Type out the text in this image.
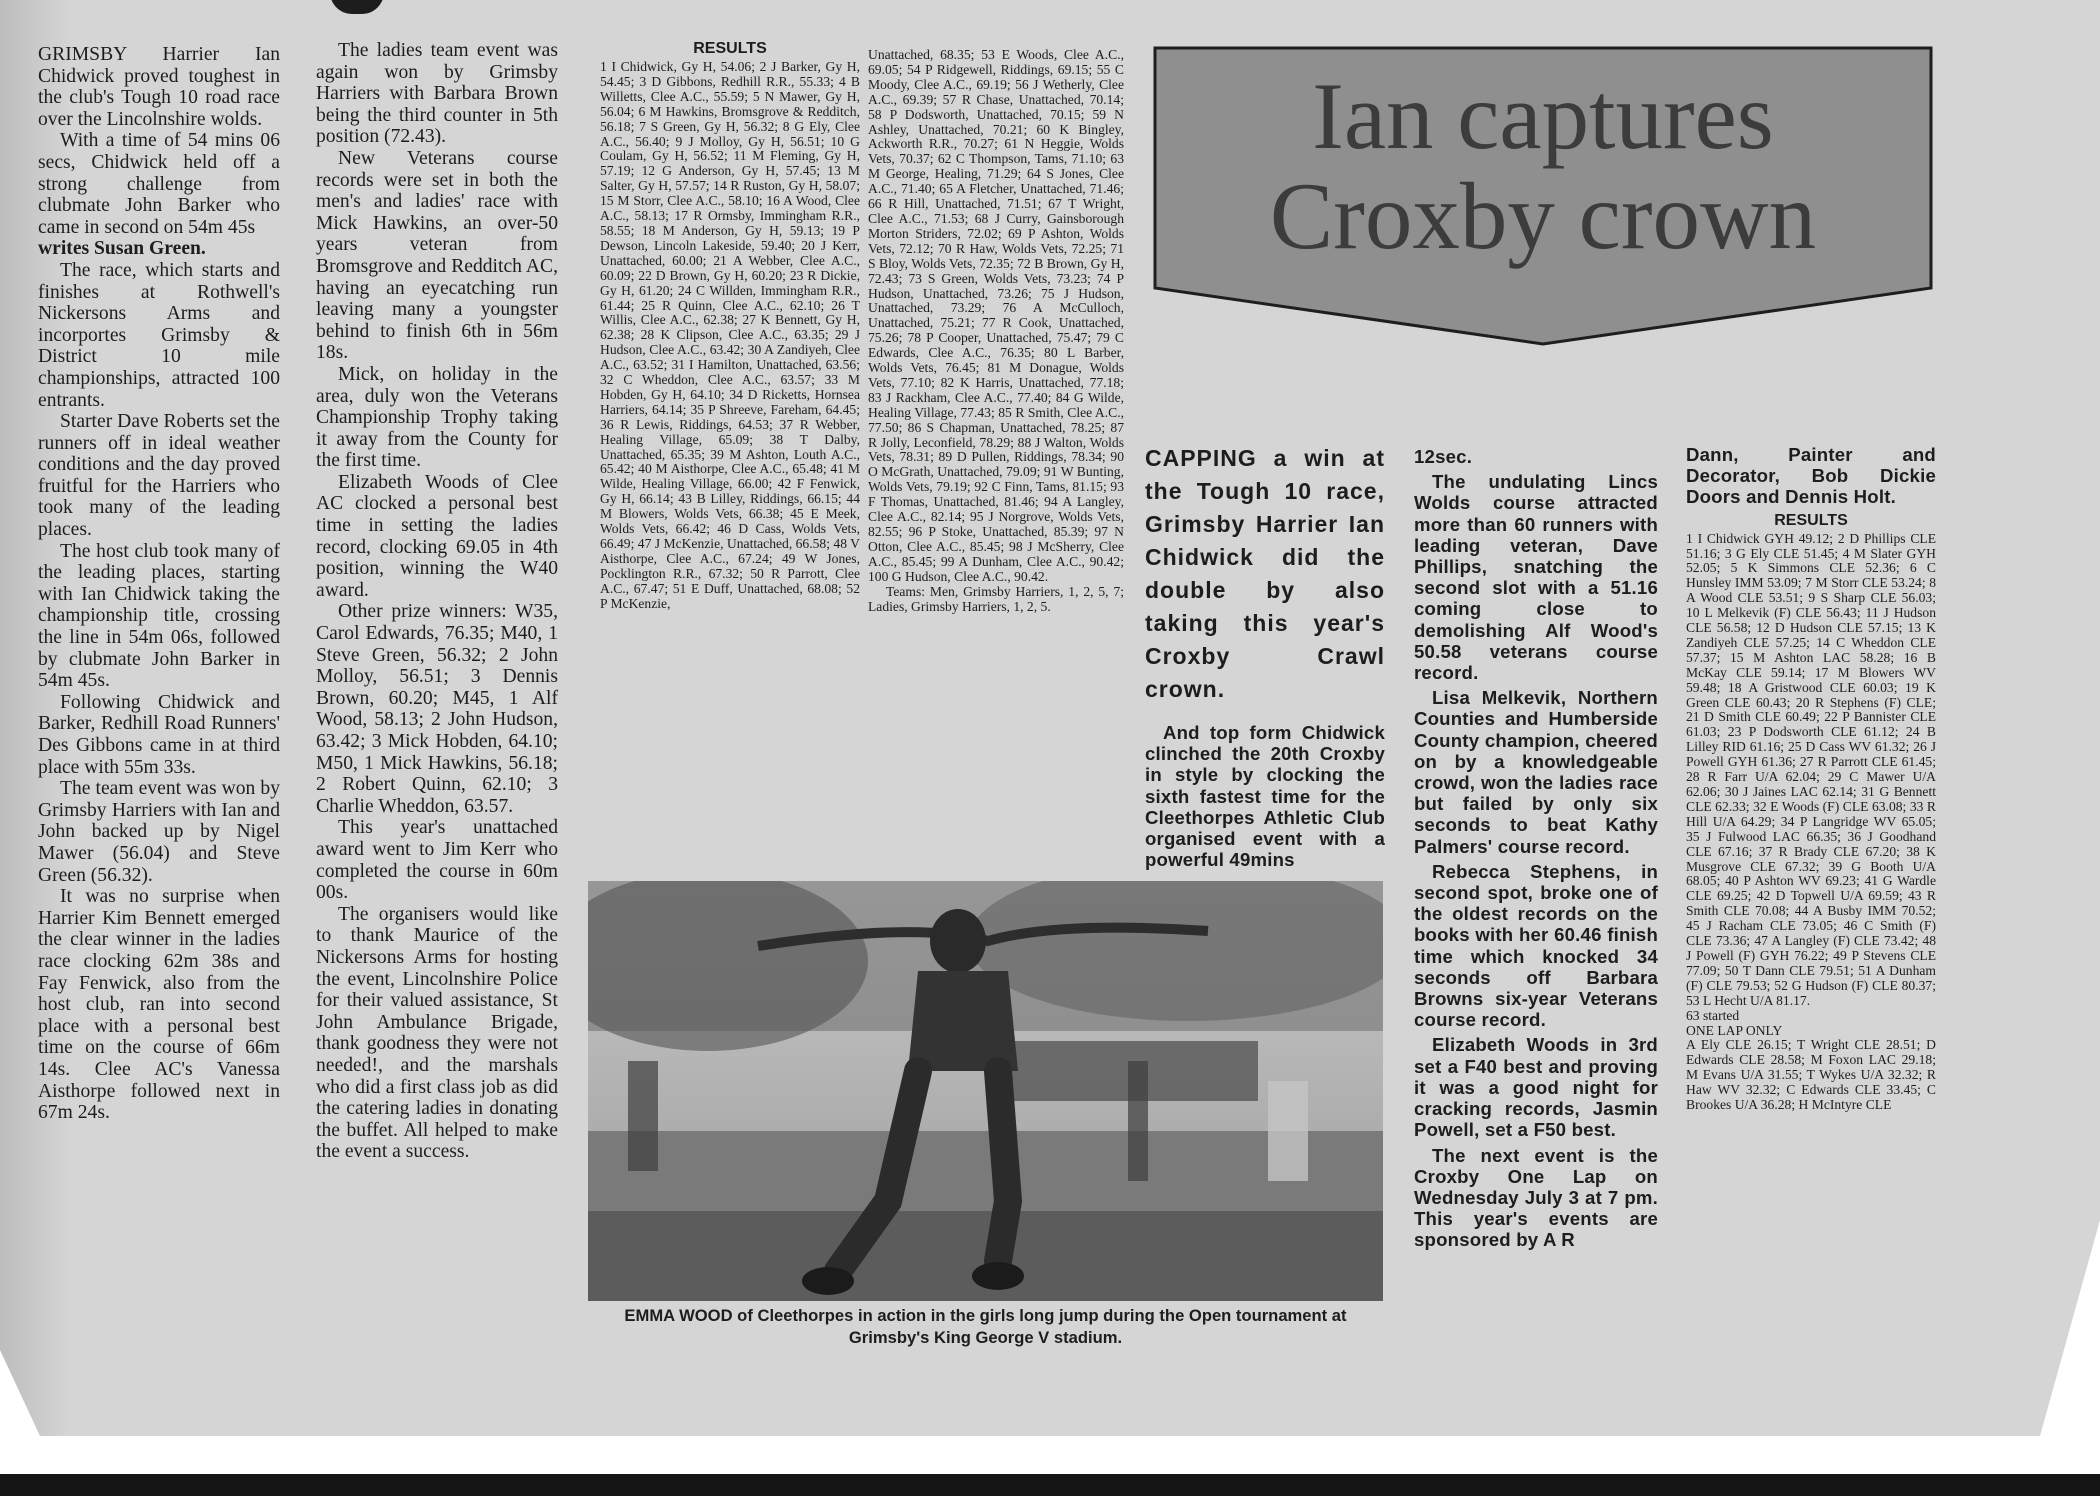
GRIMSBY Harrier Ian Chidwick proved toughest in the club's Tough 10 road race over the Lincolnshire wolds.

With a time of 54 mins 06 secs, Chidwick held off a strong challenge from clubmate John Barker who came in second on 54m 45s

writes Susan Green.

The race, which starts and finishes at Rothwell's Nickersons Arms and incorportes Grimsby & District 10 mile championships, attracted 100 entrants.

Starter Dave Roberts set the runners off in ideal weather conditions and the day proved fruitful for the Harriers who took many of the leading places.

The host club took many of the leading places, starting with Ian Chidwick taking the championship title, crossing the line in 54m 06s, followed by clubmate John Barker in 54m 45s.

Following Chidwick and Barker, Redhill Road Runners' Des Gibbons came in at third place with 55m 33s.

The team event was won by Grimsby Harriers with Ian and John backed up by Nigel Mawer (56.04) and Steve Green (56.32).

It was no surprise when Harrier Kim Bennett emerged the clear winner in the ladies race clocking 62m 38s and Fay Fenwick, also from the host club, ran into second place with a personal best time on the course of 66m 14s. Clee AC's Vanessa Aisthorpe followed next in 67m 24s.

The ladies team event was again won by Grimsby Harriers with Barbara Brown being the third counter in 5th position (72.43).

New Veterans course records were set in both the men's and ladies' race with Mick Hawkins, an over-50 years veteran from Bromsgrove and Redditch AC, having an eyecatching run leaving many a youngster behind to finish 6th in 56m 18s.

Mick, on holiday in the area, duly won the Veterans Championship Trophy taking it away from the County for the first time.

Elizabeth Woods of Clee AC clocked a personal best time in setting the ladies record, clocking 69.05 in 4th position, winning the W40 award.

Other prize winners: W35, Carol Edwards, 76.35; M40, 1 Steve Green, 56.32; 2 John Molloy, 56.51; 3 Dennis Brown, 60.20; M45, 1 Alf Wood, 58.13; 2 John Hudson, 63.42; 3 Mick Hobden, 64.10; M50, 1 Mick Hawkins, 56.18; 2 Robert Quinn, 62.10; 3 Charlie Wheddon, 63.57.

This year's unattached award went to Jim Kerr who completed the course in 60m 00s.

The organisers would like to thank Maurice of the Nickersons Arms for hosting the event, Lincolnshire Police for their valued assistance, St John Ambulance Brigade, thank goodness they were not needed!, and the marshals who did a first class job as did the catering ladies in donating the buffet. All helped to make the event a success.

RESULTS

1 I Chidwick, Gy H, 54.06; 2 J Barker, Gy H, 54.45; 3 D Gibbons, Redhill R.R., 55.33; 4 B Willetts, Clee A.C., 55.59; 5 N Mawer, Gy H, 56.04; 6 M Hawkins, Bromsgrove & Redditch, 56.18; 7 S Green, Gy H, 56.32; 8 G Ely, Clee A.C., 56.40; 9 J Molloy, Gy H, 56.51; 10 G Coulam, Gy H, 56.52; 11 M Fleming, Gy H, 57.19; 12 G Anderson, Gy H, 57.45; 13 M Salter, Gy H, 57.57; 14 R Ruston, Gy H, 58.07; 15 M Storr, Clee A.C., 58.10; 16 A Wood, Clee A.C., 58.13; 17 R Ormsby, Immingham R.R., 58.55; 18 M Anderson, Gy H, 59.13; 19 P Dewson, Lincoln Lakeside, 59.40; 20 J Kerr, Unattached, 60.00; 21 A Webber, Clee A.C., 60.09; 22 D Brown, Gy H, 60.20; 23 R Dickie, Gy H, 61.20; 24 C Willden, Immingham R.R., 61.44; 25 R Quinn, Clee A.C., 62.10; 26 T Willis, Clee A.C., 62.38; 27 K Bennett, Gy H, 62.38; 28 K Clipson, Clee A.C., 63.35; 29 J Hudson, Clee A.C., 63.42; 30 A Zandiyeh, Clee A.C., 63.52; 31 I Hamilton, Unattached, 63.56; 32 C Wheddon, Clee A.C., 63.57; 33 M Hobden, Gy H, 64.10; 34 D Ricketts, Hornsea Harriers, 64.14; 35 P Shreeve, Fareham, 64.45; 36 R Lewis, Riddings, 64.53; 37 R Webber, Healing Village, 65.09; 38 T Dalby, Unattached, 65.35; 39 M Ashton, Louth A.C., 65.42; 40 M Aisthorpe, Clee A.C., 65.48; 41 M Wilde, Healing Village, 66.00; 42 F Fenwick, Gy H, 66.14; 43 B Lilley, Riddings, 66.15; 44 M Blowers, Wolds Vets, 66.38; 45 E Meek, Wolds Vets, 66.42; 46 D Cass, Wolds Vets, 66.49; 47 J McKenzie, Unattached, 66.58; 48 V Aisthorpe, Clee A.C., 67.24; 49 W Jones, Pocklington R.R., 67.32; 50 R Parrott, Clee A.C., 67.47; 51 E Duff, Unattached, 68.08; 52 P McKenzie,

Unattached, 68.35; 53 E Woods, Clee A.C., 69.05; 54 P Ridgewell, Riddings, 69.15; 55 C Moody, Clee A.C., 69.19; 56 J Wetherly, Clee A.C., 69.39; 57 R Chase, Unattached, 70.14; 58 P Dodsworth, Unattached, 70.15; 59 N Ashley, Unattached, 70.21; 60 K Bingley, Ackworth R.R., 70.27; 61 N Heggie, Wolds Vets, 70.37; 62 C Thompson, Tams, 71.10; 63 M George, Healing, 71.29; 64 S Jones, Clee A.C., 71.40; 65 A Fletcher, Unattached, 71.46; 66 R Hill, Unattached, 71.51; 67 T Wright, Clee A.C., 71.53; 68 J Curry, Gainsborough Morton Striders, 72.02; 69 P Ashton, Wolds Vets, 72.12; 70 R Haw, Wolds Vets, 72.25; 71 S Bloy, Wolds Vets, 72.35; 72 B Brown, Gy H, 72.43; 73 S Green, Wolds Vets, 73.23; 74 P Hudson, Unattached, 73.26; 75 J Hudson, Unattached, 73.29; 76 A McCulloch, Unattached, 75.21; 77 R Cook, Unattached, 75.26; 78 P Cooper, Unattached, 75.47; 79 C Edwards, Clee A.C., 76.35; 80 L Barber, Wolds Vets, 76.45; 81 M Donague, Wolds Vets, 77.10; 82 K Harris, Unattached, 77.18; 83 J Rackham, Clee A.C., 77.40; 84 G Wilde, Healing Village, 77.43; 85 R Smith, Clee A.C., 77.50; 86 S Chapman, Unattached, 78.25; 87 R Jolly, Leconfield, 78.29; 88 J Walton, Wolds Vets, 78.31; 89 D Pullen, Riddings, 78.34; 90 O McGrath, Unattached, 79.09; 91 W Bunting, Wolds Vets, 79.19; 92 C Finn, Tams, 81.15; 93 F Thomas, Unattached, 81.46; 94 A Langley, Clee A.C., 82.14; 95 J Norgrove, Wolds Vets, 82.55; 96 P Stoke, Unattached, 85.39; 97 N Otton, Clee A.C., 85.45; 98 J McSherry, Clee A.C., 85.45; 99 A Dunham, Clee A.C., 90.42; 100 G Hudson, Clee A.C., 90.42.

Teams: Men, Grimsby Harriers, 1, 2, 5, 7; Ladies, Grimsby Harriers, 1, 2, 5.

Ian captures
Croxby crown
CAPPING a win at the Tough 10 race, Grimsby Harrier Ian Chidwick did the double by also taking this year's Croxby Crawl crown.

And top form Chidwick clinched the 20th Croxby in style by clocking the sixth fastest time for the Cleethorpes Athletic Club organised event with a powerful 49mins

12sec.

The undulating Lincs Wolds course attracted more than 60 runners with leading veteran, Dave Phillips, snatching the second slot with a 51.16 coming close to demolishing Alf Wood's 50.58 veterans course record.

Lisa Melkevik, Northern Counties and Humberside County champion, cheered on by a knowledgeable crowd, won the ladies race but failed by only six seconds to beat Kathy Palmers' course record.

Rebecca Stephens, in second spot, broke one of the oldest records on the books with her 60.46 finish time which knocked 34 seconds off Barbara Browns six-year Veterans course record.

Elizabeth Woods in 3rd set a F40 best and proving it was a good night for cracking records, Jasmin Powell, set a F50 best.

The next event is the Croxby One Lap on Wednesday July 3 at 7 pm. This year's events are sponsored by A R

Dann, Painter and Decorator, Bob Dickie Doors and Dennis Holt.

RESULTS

1 I Chidwick GYH 49.12; 2 D Phillips CLE 51.16; 3 G Ely CLE 51.45; 4 M Slater GYH 52.05; 5 K Simmons CLE 52.36; 6 C Hunsley IMM 53.09; 7 M Storr CLE 53.24; 8 A Wood CLE 53.51; 9 S Sharp CLE 56.03; 10 L Melkevik (F) CLE 56.43; 11 J Hudson CLE 56.58; 12 D Hudson CLE 57.15; 13 K Zandiyeh CLE 57.25; 14 C Wheddon CLE 57.37; 15 M Ashton LAC 58.28; 16 B McKay CLE 59.14; 17 M Blowers WV 59.48; 18 A Gristwood CLE 60.03; 19 K Green CLE 60.43; 20 R Stephens (F) CLE; 21 D Smith CLE 60.49; 22 P Bannister CLE 61.03; 23 P Dodsworth CLE 61.12; 24 B Lilley RID 61.16; 25 D Cass WV 61.32; 26 J Powell GYH 61.36; 27 R Parrott CLE 61.45; 28 R Farr U/A 62.04; 29 C Mawer U/A 62.06; 30 J Jaines LAC 62.14; 31 G Bennett CLE 62.33; 32 E Woods (F) CLE 63.08; 33 R Hill U/A 64.29; 34 P Langridge WV 65.05; 35 J Fulwood LAC 66.35; 36 J Goodhand CLE 67.16; 37 R Brady CLE 67.20; 38 K Musgrove CLE 67.32; 39 G Booth U/A 68.05; 40 P Ashton WV 69.23; 41 G Wardle CLE 69.25; 42 D Topwell U/A 69.59; 43 R Smith CLE 70.08; 44 A Busby IMM 70.52; 45 J Racham CLE 73.05; 46 C Smith (F) CLE 73.36; 47 A Langley (F) CLE 73.42; 48 J Powell (F) GYH 76.22; 49 P Stevens CLE 77.09; 50 T Dann CLE 79.51; 51 A Dunham (F) CLE 79.53; 52 G Hudson (F) CLE 80.37; 53 L Hecht U/A 81.17.

63 started

ONE LAP ONLY

A Ely CLE 26.15; T Wright CLE 28.51; D Edwards CLE 28.58; M Foxon LAC 29.18; M Evans U/A 31.55; T Wykes U/A 32.32; R Haw WV 32.32; C Edwards CLE 33.45; C Brookes U/A 36.28; H McIntyre CLE

EMMA WOOD of Cleethorpes in action in the girls long jump during the Open tournament at Grimsby's King George V stadium.
